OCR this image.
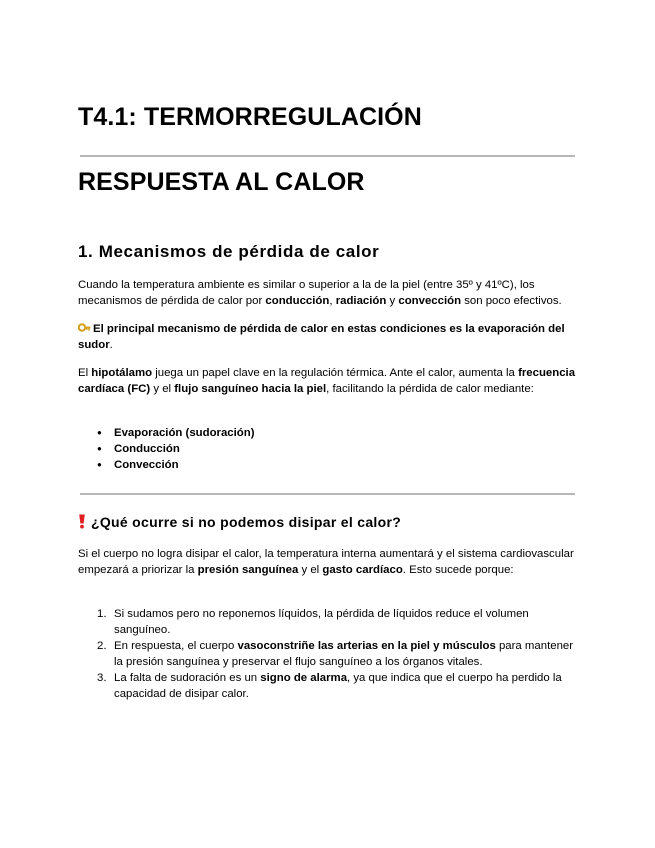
T4.1: TERMORREGULACIÓN
RESPUESTA AL CALOR
1. Mecanismos de pérdida de calor
Cuando la temperatura ambiente es similar o superior a la de la piel (entre 35º y 41ºC), los mecanismos de pérdida de calor por conducción, radiación y convección son poco efectivos.
El principal mecanismo de pérdida de calor en estas condiciones es la evaporación del sudor.
El hipotálamo juega un papel clave en la regulación térmica. Ante el calor, aumenta la frecuencia cardíaca (FC) y el flujo sanguíneo hacia la piel, facilitando la pérdida de calor mediante:
● Evaporación (sudoración)
● Conducción
● Convección
¿Qué ocurre si no podemos disipar el calor?
Si el cuerpo no logra disipar el calor, la temperatura interna aumentará y el sistema cardiovascular empezará a priorizar la presión sanguínea y el gasto cardíaco. Esto sucede porque:
1. Si sudamos pero no reponemos líquidos, la pérdida de líquidos reduce el volumen sanguíneo.
2. En respuesta, el cuerpo vasoconstriñe las arterias en la piel y músculos para mantener la presión sanguínea y preservar el flujo sanguíneo a los órganos vitales.
3. La falta de sudoración es un signo de alarma, ya que indica que el cuerpo ha perdido la capacidad de disipar calor.
